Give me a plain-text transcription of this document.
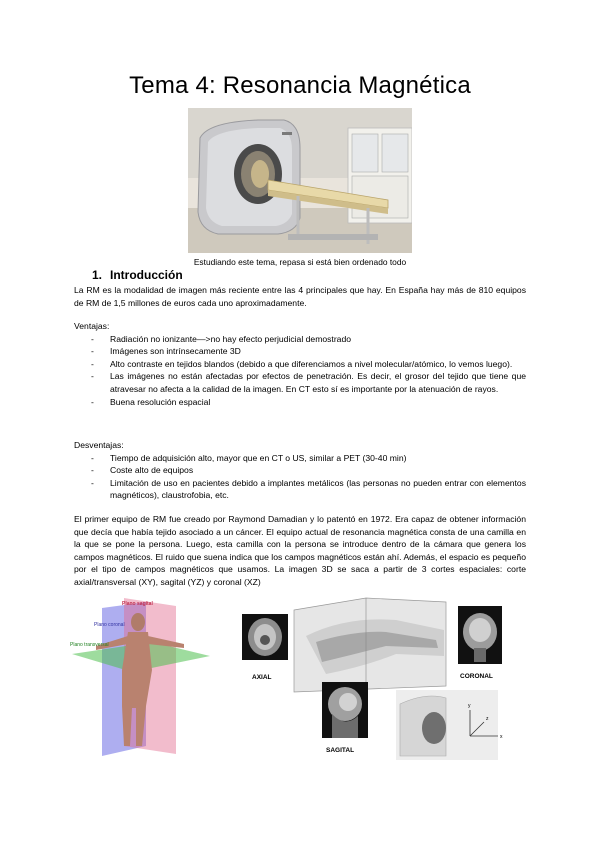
Tema 4: Resonancia Magnética
Estudiando este tema, repasa si está bien ordenado todo
1. Introducción
La RM es la modalidad de imagen más reciente entre las 4 principales que hay. En España hay más de 810 equipos de RM de 1,5 millones de euros cada uno aproximadamente.
Ventajas:
- Radiación no ionizante—>no hay efecto perjudicial demostrado
- Imágenes son intrínsecamente 3D
- Alto contraste en tejidos blandos (debido a que diferenciamos a nivel molecular/atómico, lo vemos luego).
- Las imágenes no están afectadas por efectos de penetración. Es decir, el grosor del tejido que tiene que atravesar no afecta a la calidad de la imagen. En CT esto sí es importante por la atenuación de rayos.
- Buena resolución espacial
Desventajas:
- Tiempo de adquisición alto, mayor que en CT o US, similar a PET (30-40 min)
- Coste alto de equipos
- Limitación de uso en pacientes debido a implantes metálicos (las personas no pueden entrar con elementos magnéticos), claustrofobia, etc.
El primer equipo de RM fue creado por Raymond Damadian y lo patentó en 1972. Era capaz de obtener información que decía que había tejido asociado a un cáncer. El equipo actual de resonancia magnética consta de una camilla en la que se pone la persona. Luego, esta camilla con la persona se introduce dentro de la cámara que genera los campos magnéticos. El ruido que suena indica que los campos magnéticos están ahí. Además, el espacio es pequeño por el tipo de campos magnéticos que usamos. La imagen 3D se saca a partir de 3 cortes espaciales: corte axial/transversal (XY), sagital (YZ) y coronal (XZ)
Plano sagital
Plano coronal
Plano transversal
AXIAL	CORONAL
SAGITAL
x
y
z
